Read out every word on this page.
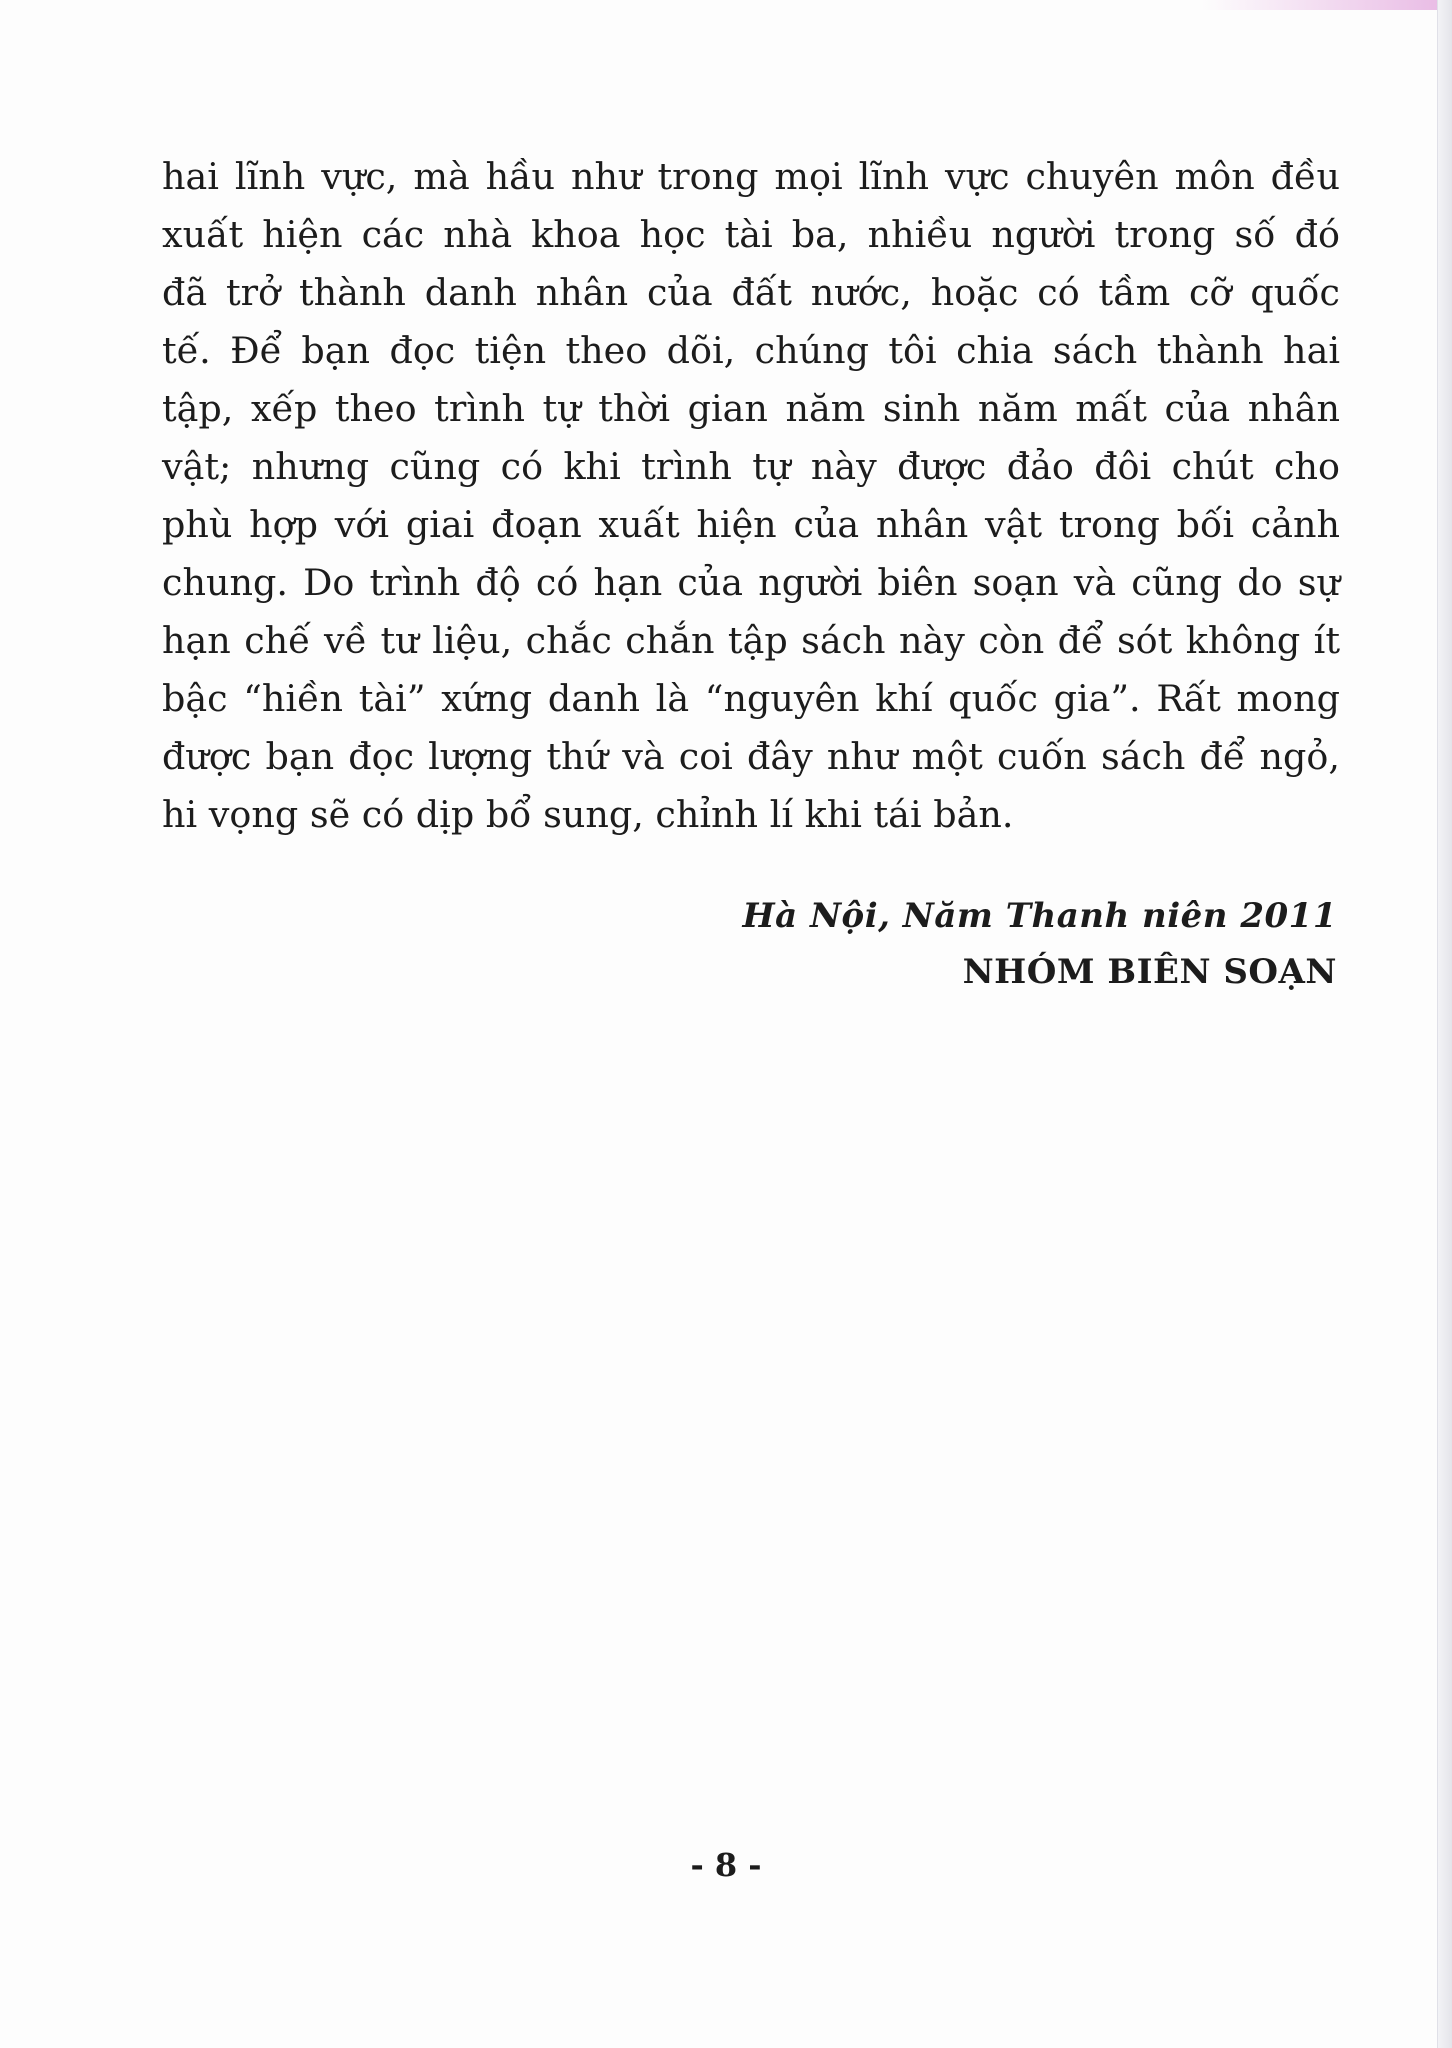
hai lĩnh vực, mà hầu như trong mọi lĩnh vực chuyên môn đều
xuất hiện các nhà khoa học tài ba, nhiều người trong số đó
đã trở thành danh nhân của đất nước, hoặc có tầm cỡ quốc
tế. Để bạn đọc tiện theo dõi, chúng tôi chia sách thành hai
tập, xếp theo trình tự thời gian năm sinh năm mất của nhân
vật; nhưng cũng có khi trình tự này được đảo đôi chút cho
phù hợp với giai đoạn xuất hiện của nhân vật trong bối cảnh
chung. Do trình độ có hạn của người biên soạn và cũng do sự
hạn chế về tư liệu, chắc chắn tập sách này còn để sót không ít
bậc “hiền tài” xứng danh là “nguyên khí quốc gia”. Rất mong
được bạn đọc lượng thứ và coi đây như một cuốn sách để ngỏ,
hi vọng sẽ có dịp bổ sung, chỉnh lí khi tái bản.

Hà Nội, Năm Thanh niên 2011
NHÓM BIÊN SOẠN
- 8 -
